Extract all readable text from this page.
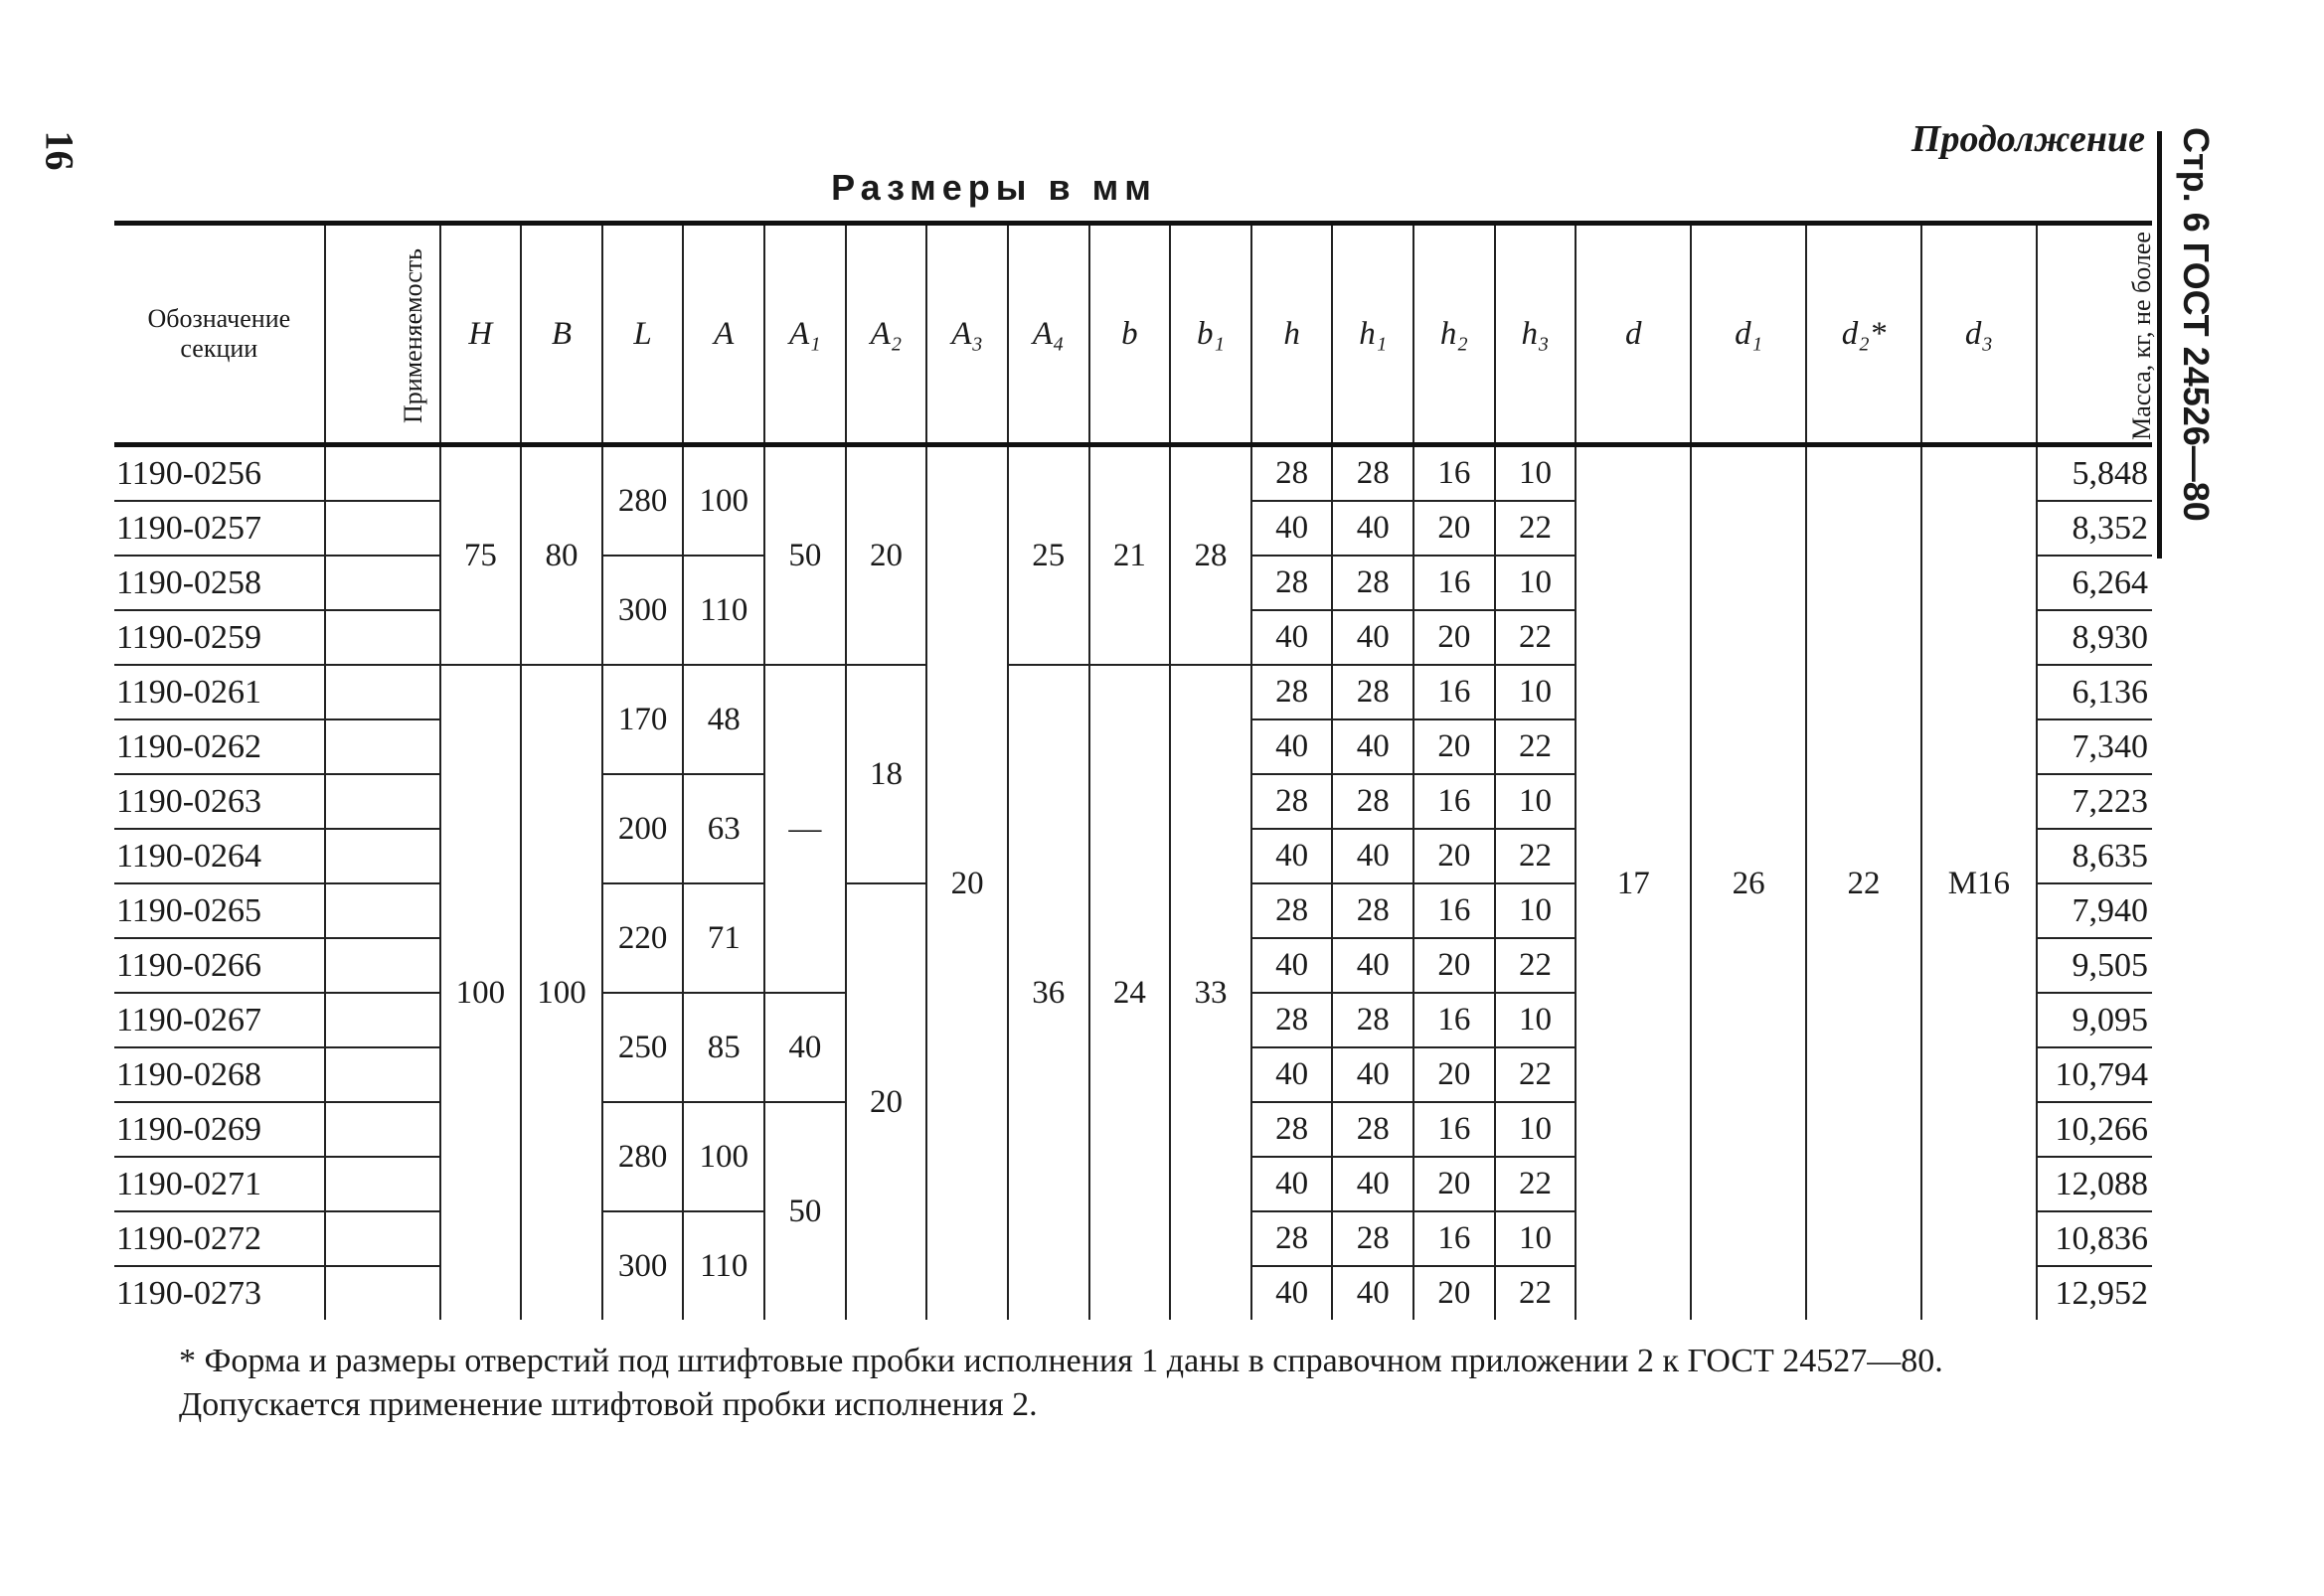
16	Продолжение Стр. 6 ГОСТ 24526—80
Размеры в мм
Обозначение секции	Применяемость	H	B	L	A	A₁	A₂	A₃	A₄	b	b₁	h	h₁	h₂	h₃	d	d₁	d₂*	d₃	Масса, кг, не более
1190-0256		75	80	280	100	50	20	20	25	21	28	28	28	16	10	17	26	22	М16	5,848
1190-0257												40	40	20	22					8,352
1190-0258				300	110							28	28	16	10					6,264
1190-0259												40	40	20	22					8,930
1190-0261		100	100	170	48	—	18		36	24	33	28	28	16	10					6,136
1190-0262												40	40	20	22					7,340
1190-0263				200	63							28	28	16	10					7,223
1190-0264												40	40	20	22					8,635
1190-0265				220	71		20					28	28	16	10					7,940
1190-0266												40	40	20	22					9,505
1190-0267				250	85	40						28	28	16	10					9,095
1190-0268												40	40	20	22					10,794
1190-0269				280	100	50						28	28	16	10					10,266
1190-0271												40	40	20	22					12,088
1190-0272				300	110							28	28	16	10					10,836
1190-0273												40	40	20	22					12,952

* Форма и размеры отверстий под штифтовые пробки исполнения 1 даны в справочном приложении 2 к ГОСТ 24527—80.

Допускается применение штифтовой пробки исполнения 2.
